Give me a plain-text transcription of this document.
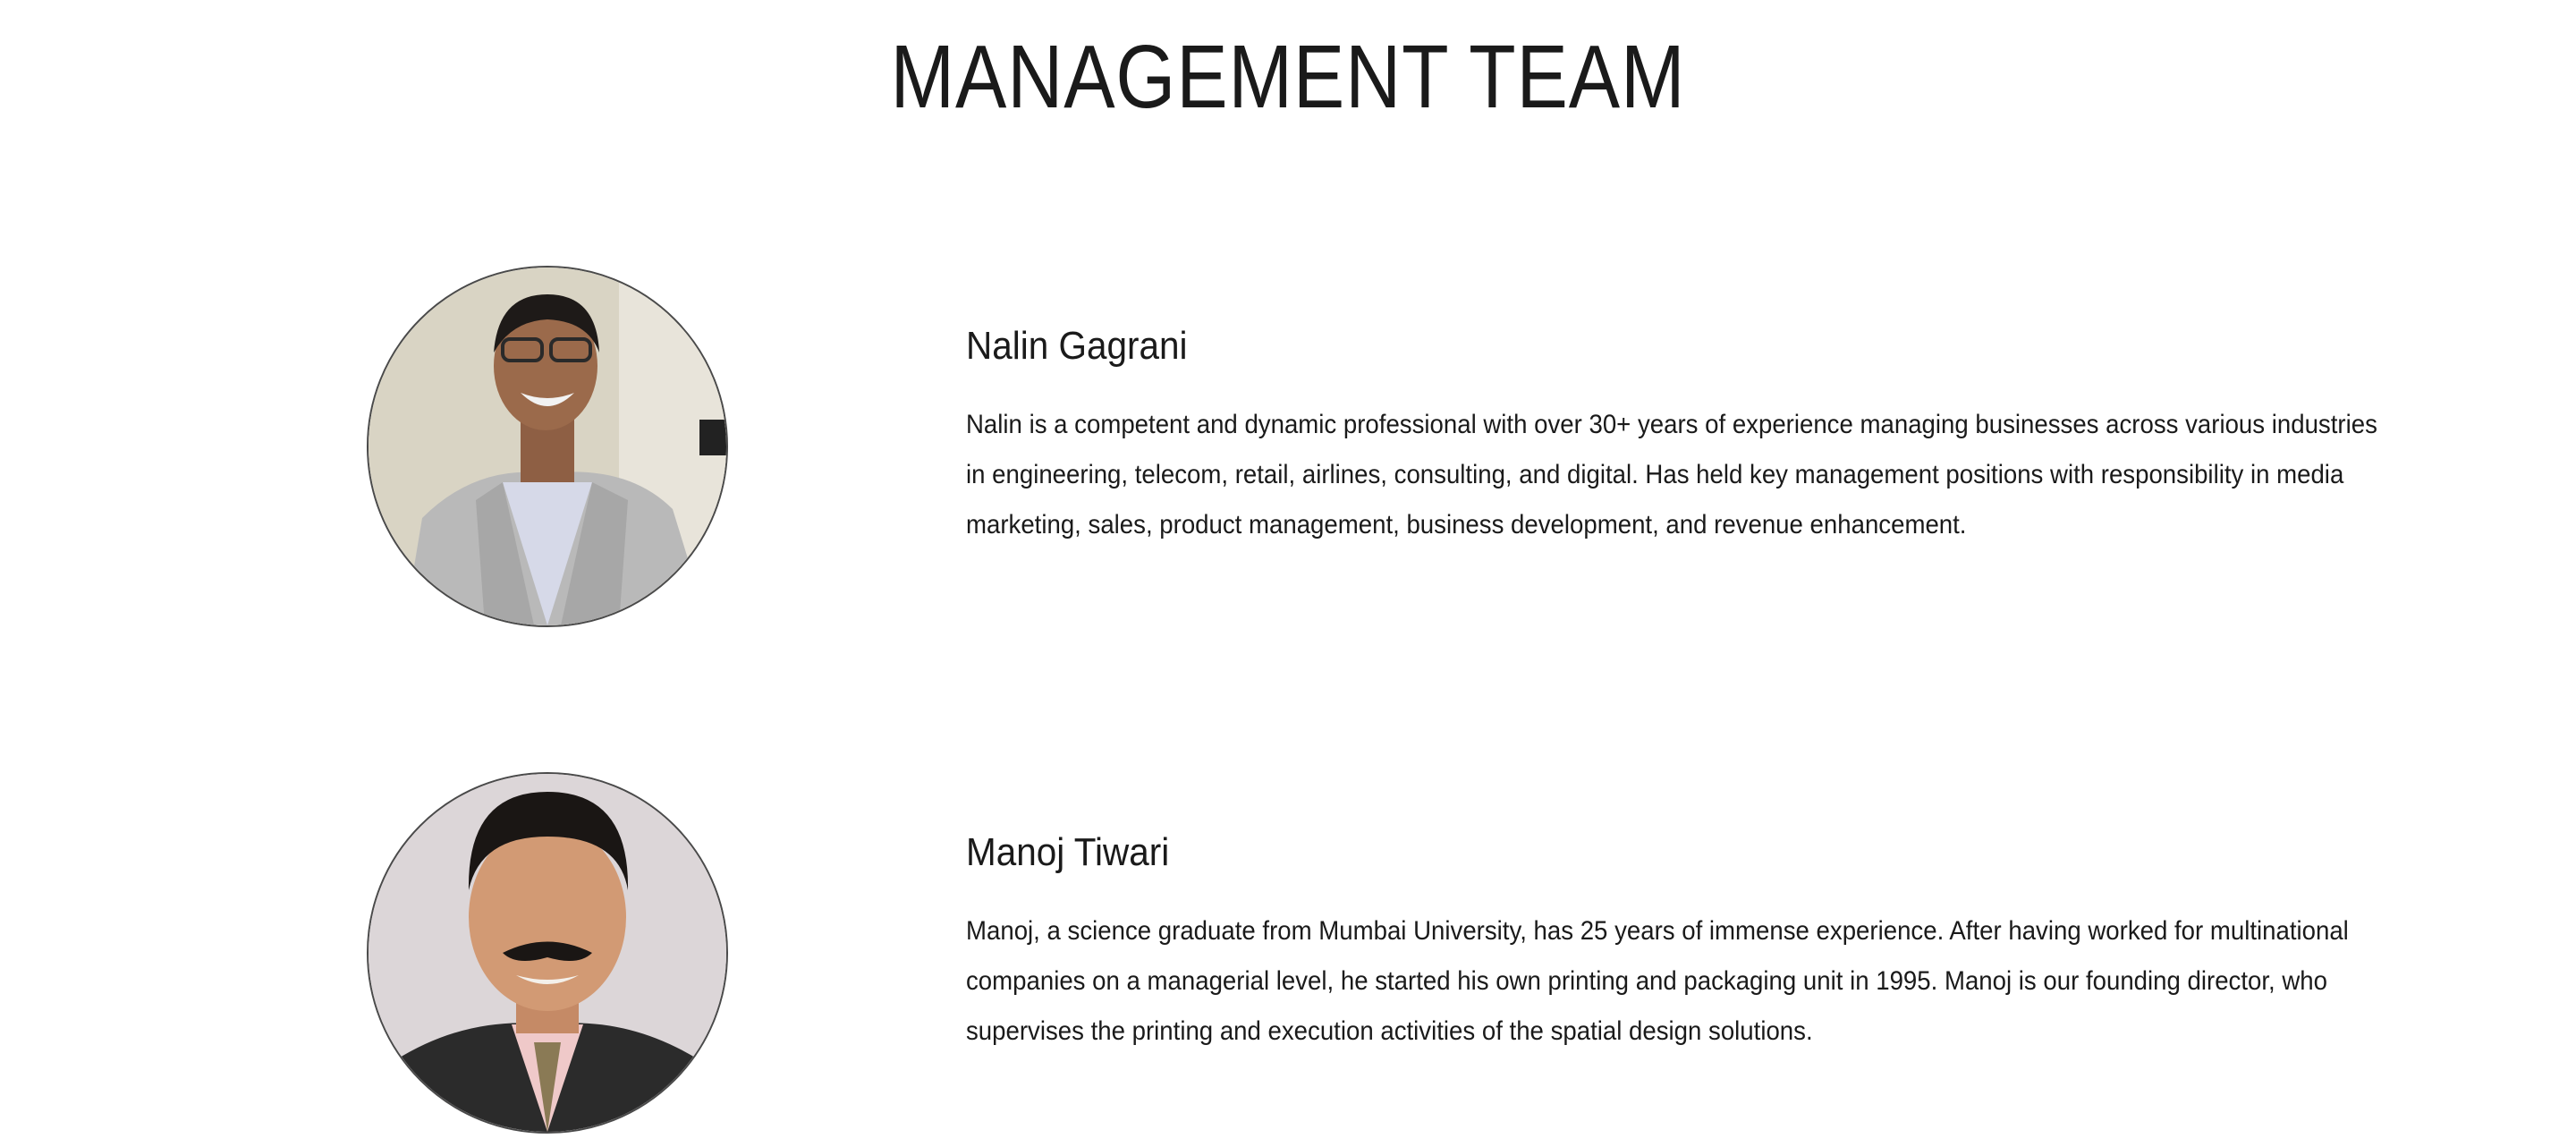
MANAGEMENT TEAM
Nalin Gagrani

Nalin is a competent and dynamic professional with over 30+ years of experience managing businesses across various industries in engineering, telecom, retail, airlines, consulting, and digital. Has held key management positions with responsibility in media marketing, sales, product management, business development, and revenue enhancement.

Manoj Tiwari

Manoj, a science graduate from Mumbai University, has 25 years of immense experience. After having worked for multinational companies on a managerial level, he started his own printing and packaging unit in 1995. Manoj is our founding director, who supervises the printing and execution activities of the spatial design solutions.
